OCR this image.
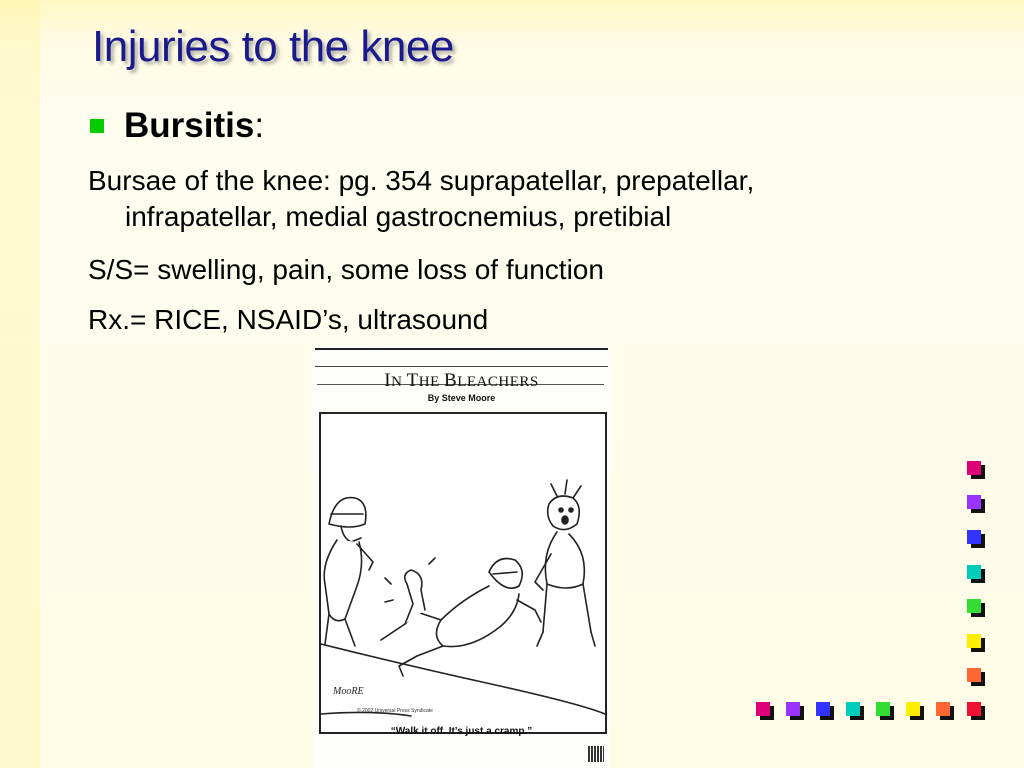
Injuries to the knee
Bursitis:
Bursae of the knee: pg. 354 suprapatellar, prepatellar,
infrapatellar, medial gastrocnemius, pretibial
S/S= swelling, pain, some loss of function
Rx.= RICE, NSAID’s, ultrasound
IN THE BLEACHERS
By Steve Moore
MooRE
© 2002 Universal Press Syndicate
“Walk it off. It’s just a cramp.”
